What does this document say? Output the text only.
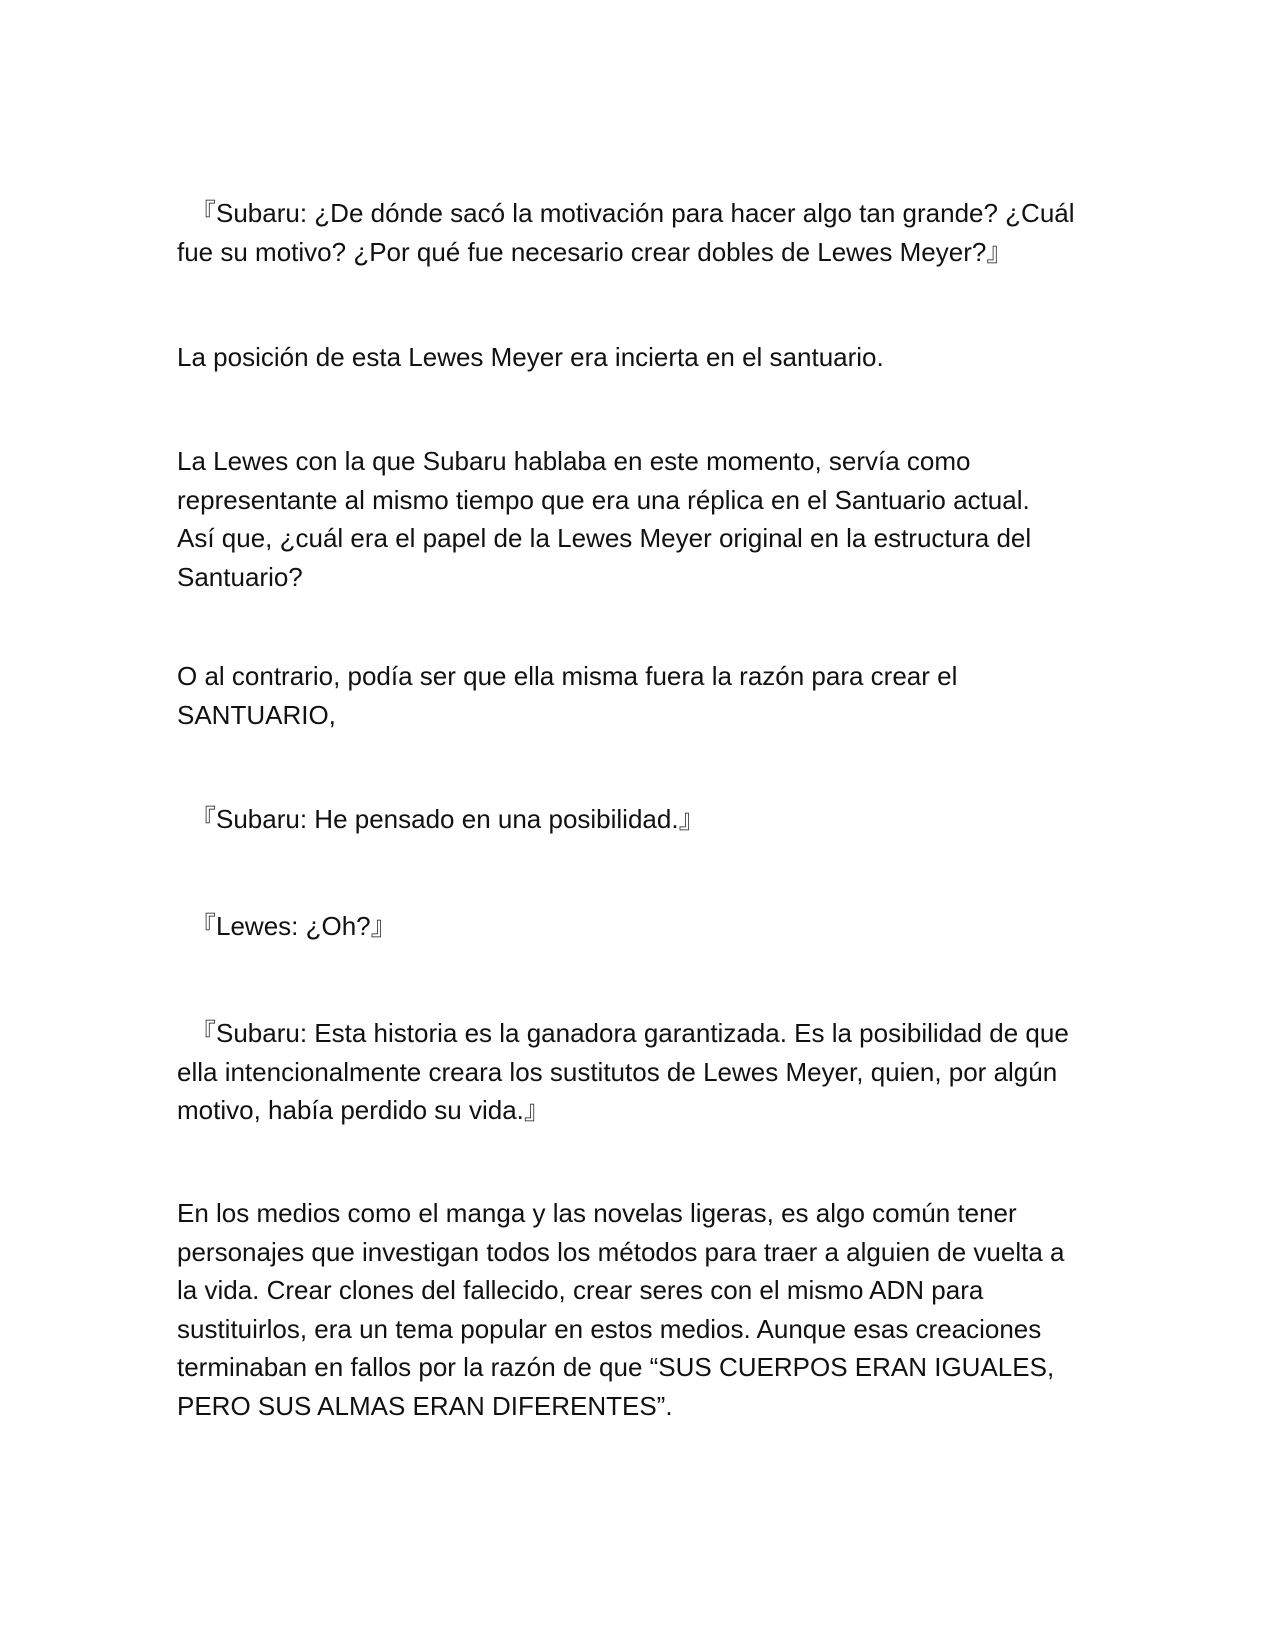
　『Subaru: ¿De dónde sacó la motivación para hacer algo tan grande? ¿Cuál
fue su motivo? ¿Por qué fue necesario crear dobles de Lewes Meyer?』
La posición de esta Lewes Meyer era incierta en el santuario.
La Lewes con la que Subaru hablaba en este momento, servía como
representante al mismo tiempo que era una réplica en el Santuario actual.
Así que, ¿cuál era el papel de la Lewes Meyer original en la estructura del
Santuario?
O al contrario, podía ser que ella misma fuera la razón para crear el
SANTUARIO,
　『Subaru: He pensado en una posibilidad.』
　『Lewes: ¿Oh?』
　『Subaru: Esta historia es la ganadora garantizada. Es la posibilidad de que
ella intencionalmente creara los sustitutos de Lewes Meyer, quien, por algún
motivo, había perdido su vida.』
En los medios como el manga y las novelas ligeras, es algo común tener
personajes que investigan todos los métodos para traer a alguien de vuelta a
la vida. Crear clones del fallecido, crear seres con el mismo ADN para
sustituirlos, era un tema popular en estos medios. Aunque esas creaciones
terminaban en fallos por la razón de que “SUS CUERPOS ERAN IGUALES,
PERO SUS ALMAS ERAN DIFERENTES”.
